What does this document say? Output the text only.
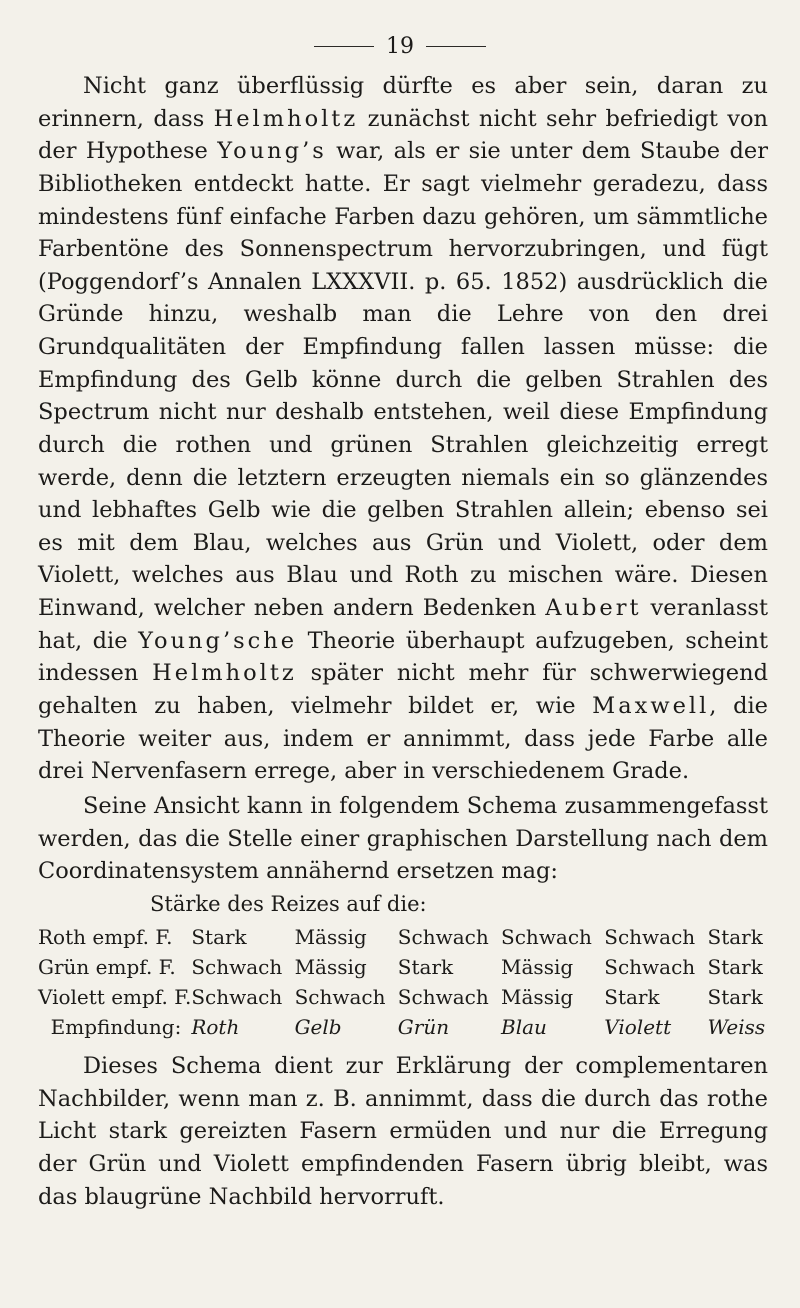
19

Nicht ganz überflüssig dürfte es aber sein, daran zu erinnern, dass Helmholtz zunächst nicht sehr befriedigt von der Hypothese Young’s war, als er sie unter dem Staube der Bibliotheken entdeckt hatte. Er sagt vielmehr geradezu, dass mindestens fünf einfache Farben dazu gehören, um sämmtliche Farbentöne des Sonnenspectrum hervorzubringen, und fügt (Poggendorf’s Annalen LXXXVII. p. 65. 1852) ausdrücklich die Gründe hinzu, weshalb man die Lehre von den drei Grundqualitäten der Empfindung fallen lassen müsse: die Empfindung des Gelb könne durch die gelben Strahlen des Spectrum nicht nur deshalb entstehen, weil diese Empfindung durch die rothen und grünen Strahlen gleichzeitig erregt werde, denn die letztern erzeugten niemals ein so glänzendes und lebhaftes Gelb wie die gelben Strahlen allein; ebenso sei es mit dem Blau, welches aus Grün und Violett, oder dem Violett, welches aus Blau und Roth zu mischen wäre. Diesen Einwand, welcher neben andern Bedenken Aubert veranlasst hat, die Young’sche Theorie überhaupt aufzugeben, scheint indessen Helmholtz später nicht mehr für schwerwiegend gehalten zu haben, vielmehr bildet er, wie Maxwell, die Theorie weiter aus, indem er annimmt, dass jede Farbe alle drei Nervenfasern errege, aber in verschiedenem Grade.

Seine Ansicht kann in folgendem Schema zusammengefasst werden, das die Stelle einer graphischen Darstellung nach dem Coordinatensystem annähernd ersetzen mag:

Stärke des Reizes auf die:
Roth empf. F.	Stark	Mässig	Schwach	Schwach	Schwach	Stark
Grün empf. F.	Schwach	Mässig	Stark	Mässig	Schwach	Stark
Violett empf. F.	Schwach	Schwach	Schwach	Mässig	Stark	Stark
Empfindung:	Roth	Gelb	Grün	Blau	Violett	Weiss

Dieses Schema dient zur Erklärung der complementaren Nachbilder, wenn man z. B. annimmt, dass die durch das rothe Licht stark gereizten Fasern ermüden und nur die Erregung der Grün und Violett empfindenden Fasern übrig bleibt, was das blaugrüne Nachbild hervorruft.
